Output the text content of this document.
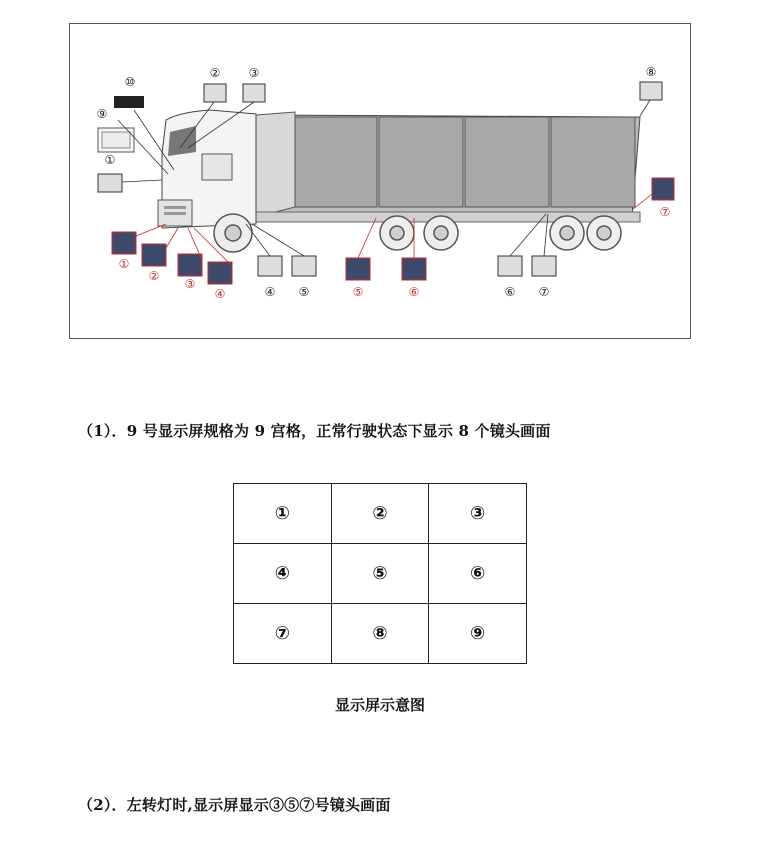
⑩
② ③	⑧
⑨
①
④ ⑤	⑥ ⑦
①
②
③
④	⑤	⑥
⑦
（1）．9 号显示屏规格为 9 宫格，正常行驶状态下显示 8 个镜头画面
①	②	③
④	⑤	⑥
⑦	⑧	⑨
显示屏示意图
（2）．左转灯时,显示屏显示③⑤⑦号镜头画面
